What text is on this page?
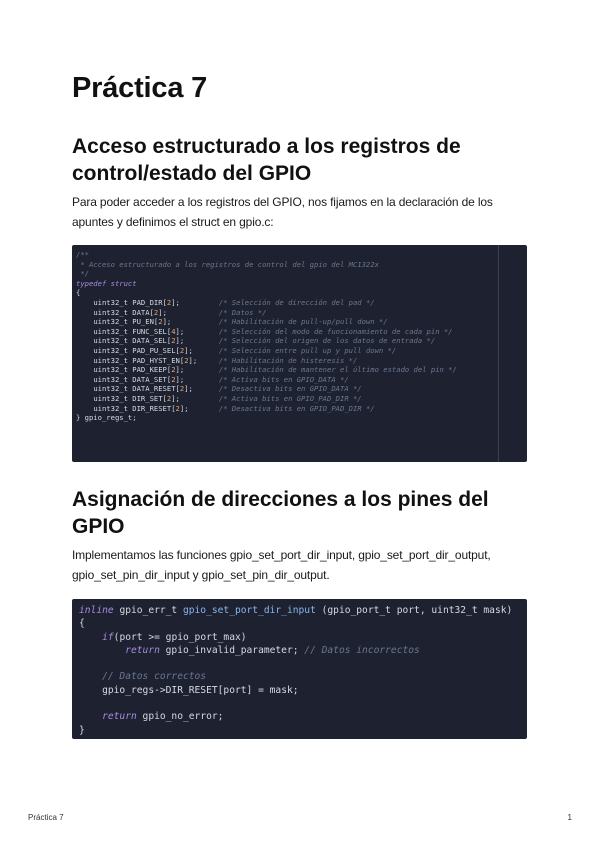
Práctica 7
Acceso estructurado a los registros de control/estado del GPIO

Para poder acceder a los registros del GPIO, nos fijamos en la declaración de los apuntes y definimos el struct en gpio.c:

/**
* Acceso estructurado a los registros de control del gpio del MC1322x
*/
typedef struct
{
uint32_t PAD_DIR[2];         /* Selección de dirección del pad */
uint32_t DATA[2];            /* Datos */
uint32_t PU_EN[2];           /* Habilitación de pull-up/pull down */
uint32_t FUNC_SEL[4];        /* Selección del modo de funcionamiento de cada pin */
uint32_t DATA_SEL[2];        /* Selección del origen de los datos de entrada */
uint32_t PAD_PU_SEL[2];      /* Selección entre pull up y pull down */
uint32_t PAD_HYST_EN[2];     /* Habilitación de histeresis */
uint32_t PAD_KEEP[2];        /* Habilitación de mantener el último estado del pin */
uint32_t DATA_SET[2];        /* Activa bits en GPIO_DATA */
uint32_t DATA_RESET[2];      /* Desactiva bits en GPIO_DATA */
uint32_t DIR_SET[2];         /* Activa bits en GPIO_PAD_DIR */
uint32_t DIR_RESET[2];       /* Desactiva bits en GPIO_PAD_DIR */
} gpio_regs_t;

Asignación de direcciones a los pines del GPIO

Implementamos las funciones gpio_set_port_dir_input, gpio_set_port_dir_output, gpio_set_pin_dir_input y gpio_set_pin_dir_output.

inline gpio_err_t gpio_set_port_dir_input (gpio_port_t port, uint32_t mask)
{
if(port >= gpio_port_max)
return gpio_invalid_parameter; // Datos incorrectos
// Datos correctos
gpio_regs->DIR_RESET[port] = mask;
return gpio_no_error;
}

Práctica 7	1
